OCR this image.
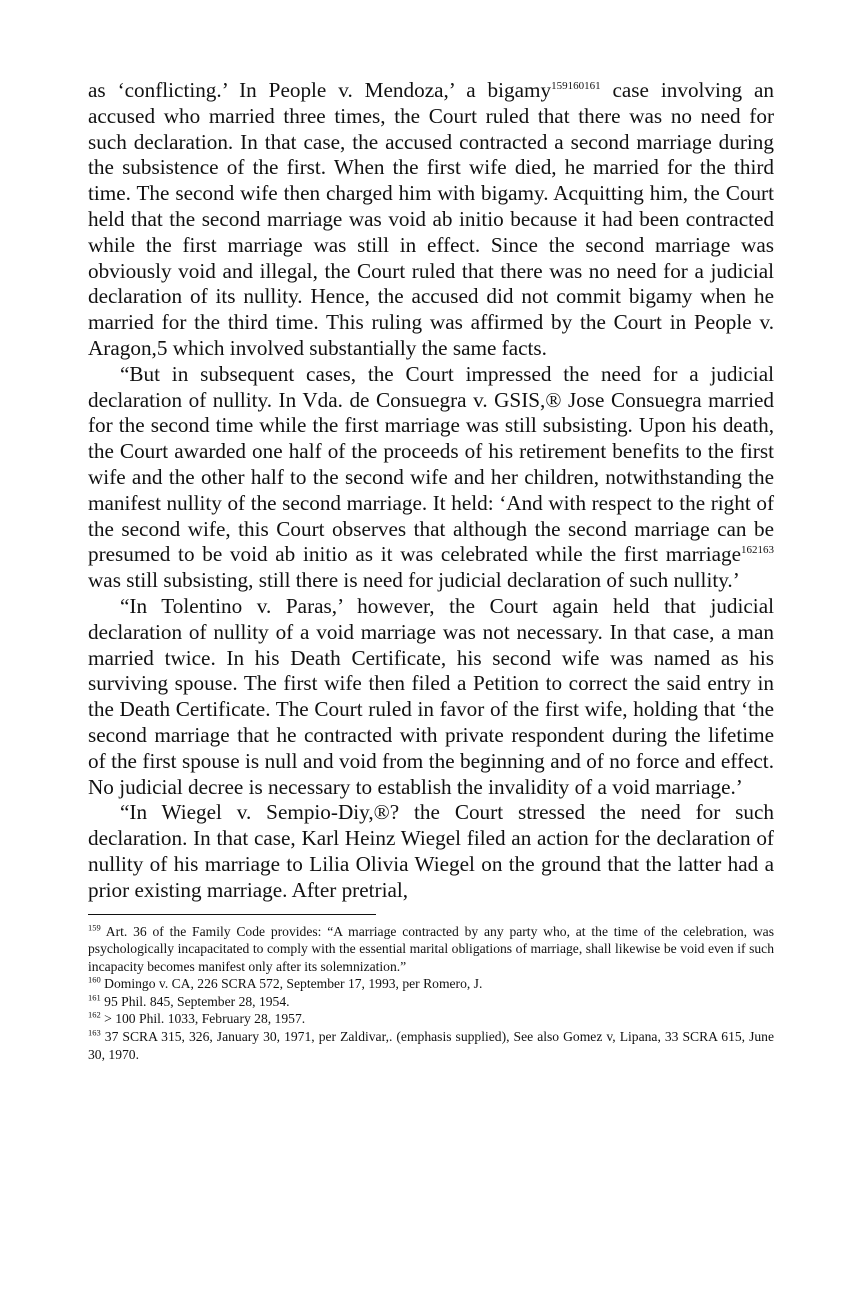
as ‘conflicting.’ In People v. Mendoza,’ a bigamy$^{159160161}$ case involving an accused who married three times, the Court ruled that there was no need for such declaration. In that case, the accused contracted a second marriage during the subsistence of the first. When the first wife died, he married for the third time. The second wife then charged him with bigamy. Acquitting him, the Court held that the second marriage was void ab initio because it had been contracted while the first marriage was still in effect. Since the second marriage was obviously void and illegal, the Court ruled that there was no need for a judicial declaration of its nullity. Hence, the accused did not commit bigamy when he married for the third time. This ruling was affirmed by the Court in People v. Aragon,5 which involved substantially the same facts.

“But in subsequent cases, the Court impressed the need for a judicial declaration of nullity. In Vda. de Consuegra v. GSIS,® Jose Consuegra married for the second time while the first marriage was still subsisting. Upon his death, the Court awarded one half of the proceeds of his retirement benefits to the first wife and the other half to the second wife and her children, notwithstanding the manifest nullity of the second marriage. It held: ‘And with respect to the right of the second wife, this Court observes that although the second marriage can be presumed to be void ab initio as it was celebrated while the first marriage$^{162163}$ was still subsisting, still there is need for judicial declaration of such nullity.’

“In Tolentino v. Paras,’ however, the Court again held that judicial declaration of nullity of a void marriage was not necessary. In that case, a man married twice. In his Death Certificate, his second wife was named as his surviving spouse. The first wife then filed a Petition to correct the said entry in the Death Certificate. The Court ruled in favor of the first wife, holding that ‘the second marriage that he contracted with private respondent during the lifetime of the first spouse is null and void from the beginning and of no force and effect. No judicial decree is necessary to establish the invalidity of a void marriage.’

“In Wiegel v. Sempio-Diy,®? the Court stressed the need for such declaration. In that case, Karl Heinz Wiegel filed an action for the declaration of nullity of his marriage to Lilia Olivia Wiegel on the ground that the latter had a prior existing marriage. After pretrial,

$^{159}$ Art. 36 of the Family Code provides: “A marriage contracted by any party who, at the time of the celebration, was psychologically incapacitated to comply with the essential marital obligations of marriage, shall likewise be void even if such incapacity becomes manifest only after its solemnization.”

$^{160}$ Domingo v. CA, 226 SCRA 572, September 17, 1993, per Romero, J.

$^{161}$ 95 Phil. 845, September 28, 1954.

$^{162}$ > 100 Phil. 1033, February 28, 1957.

$^{163}$ 37 SCRA 315, 326, January 30, 1971, per Zaldivar,. (emphasis supplied), See also Gomez v, Lipana, 33 SCRA 615, June 30, 1970.
